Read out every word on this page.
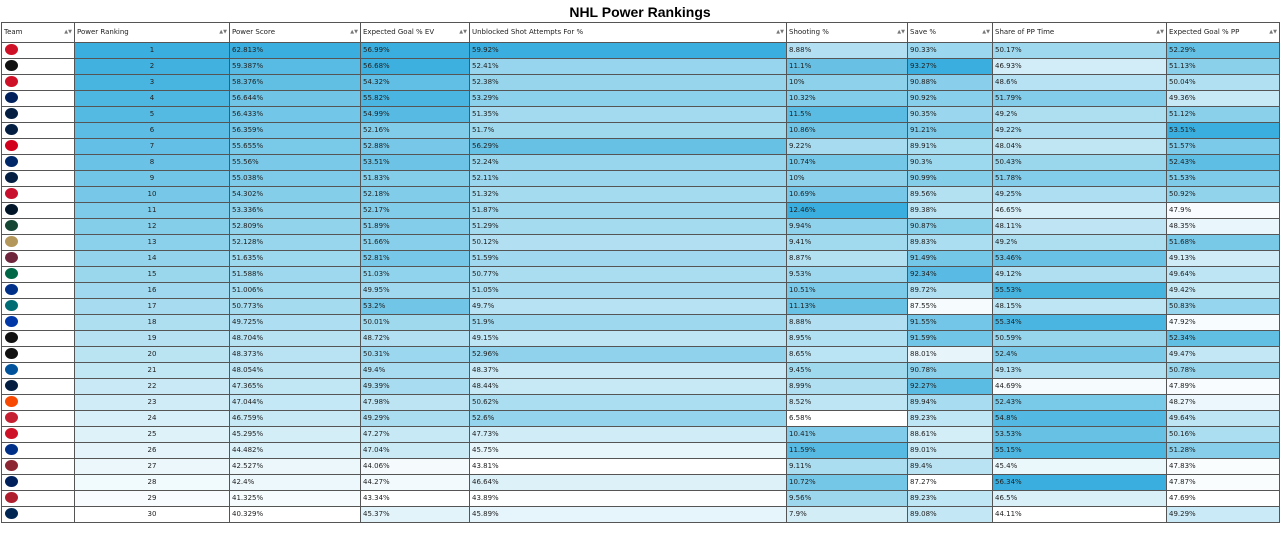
NHL Power Rankings
Team ▲▼	Power Ranking ▲▼	Power Score ▲▼	Expected Goal % EV ▲▼	Unblocked Shot Attempts For % ▲▼	Shooting % ▲▼	Save % ▲▼	Share of PP Time ▲▼	Expected Goal % PP ▲▼

	1	62.813%	56.99%	59.92%	8.88%	90.33%	50.17%	52.29%
	2	59.387%	56.68%	52.41%	11.1%	93.27%	46.93%	51.13%
	3	58.376%	54.32%	52.38%	10%	90.88%	48.6%	50.04%
	4	56.644%	55.82%	53.29%	10.32%	90.92%	51.79%	49.36%
	5	56.433%	54.99%	51.35%	11.5%	90.35%	49.2%	51.12%
	6	56.359%	52.16%	51.7%	10.86%	91.21%	49.22%	53.51%
	7	55.655%	52.88%	56.29%	9.22%	89.91%	48.04%	51.57%
	8	55.56%	53.51%	52.24%	10.74%	90.3%	50.43%	52.43%
	9	55.038%	51.83%	52.11%	10%	90.99%	51.78%	51.53%
	10	54.302%	52.18%	51.32%	10.69%	89.56%	49.25%	50.92%
	11	53.336%	52.17%	51.87%	12.46%	89.38%	46.65%	47.9%
	12	52.809%	51.89%	51.29%	9.94%	90.87%	48.11%	48.35%
	13	52.128%	51.66%	50.12%	9.41%	89.83%	49.2%	51.68%
	14	51.635%	52.81%	51.59%	8.87%	91.49%	53.46%	49.13%
	15	51.588%	51.03%	50.77%	9.53%	92.34%	49.12%	49.64%
	16	51.006%	49.95%	51.05%	10.51%	89.72%	55.53%	49.42%
	17	50.773%	53.2%	49.7%	11.13%	87.55%	48.15%	50.83%
	18	49.725%	50.01%	51.9%	8.88%	91.55%	55.34%	47.92%
	19	48.704%	48.72%	49.15%	8.95%	91.59%	50.59%	52.34%
	20	48.373%	50.31%	52.96%	8.65%	88.01%	52.4%	49.47%
	21	48.054%	49.4%	48.37%	9.45%	90.78%	49.13%	50.78%
	22	47.365%	49.39%	48.44%	8.99%	92.27%	44.69%	47.89%
	23	47.044%	47.98%	50.62%	8.52%	89.94%	52.43%	48.27%
	24	46.759%	49.29%	52.6%	6.58%	89.23%	54.8%	49.64%
	25	45.295%	47.27%	47.73%	10.41%	88.61%	53.53%	50.16%
	26	44.482%	47.04%	45.75%	11.59%	89.01%	55.15%	51.28%
	27	42.527%	44.06%	43.81%	9.11%	89.4%	45.4%	47.83%
	28	42.4%	44.27%	46.64%	10.72%	87.27%	56.34%	47.87%
	29	41.325%	43.34%	43.89%	9.56%	89.23%	46.5%	47.69%
	30	40.329%	45.37%	45.89%	7.9%	89.08%	44.11%	49.29%
